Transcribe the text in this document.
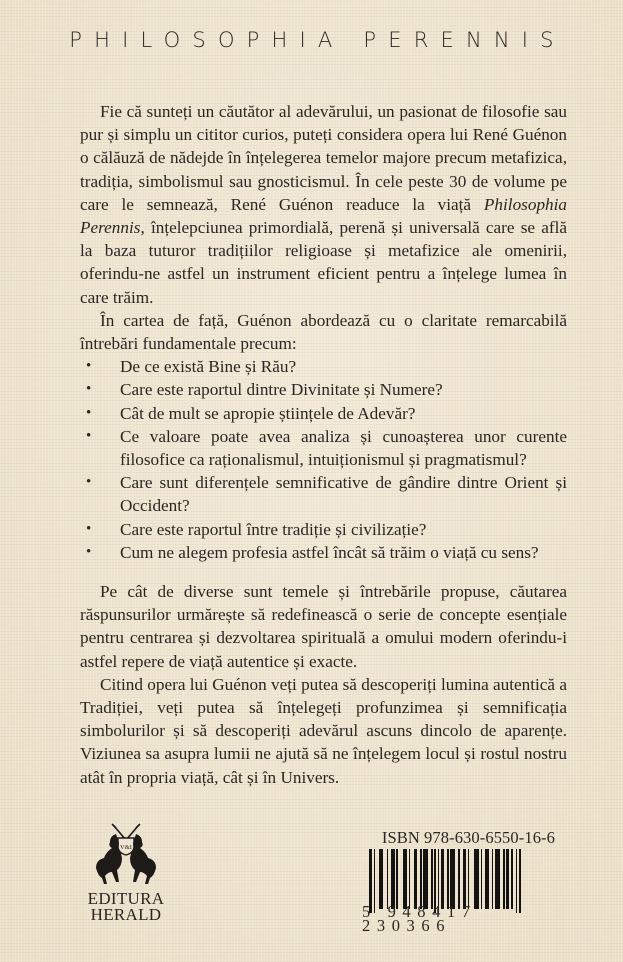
PHILOSOPHIA PERENNIS

Fie că sunteți un căutător al adevărului, un pasionat de filosofie sau pur și simplu un cititor curios, puteți considera opera lui René Guénon o călăuză de nădejde în înțelegerea temelor majore precum metafizica, tradiția, simbolismul sau gnosticismul. În cele peste 30 de volume pe care le semnează, René Guénon readuce la viață Philosophia Perennis, înțelepciunea primordială, perenă și universală care se află la baza tuturor tradițiilor religioase și metafizice ale omenirii, oferindu-ne astfel un instrument eficient pentru a înțelege lumea în care trăim.

În cartea de față, Guénon abordează cu o claritate remarcabilă întrebări fundamentale precum:

• De ce există Bine și Rău?
• Care este raportul dintre Divinitate și Numere?
• Cât de mult se apropie științele de Adevăr?
• Ce valoare poate avea analiza și cunoașterea unor curente filosofice ca raționalismul, intuiționismul și pragmatismul?
• Care sunt diferențele semnificative de gândire dintre Orient și Occident?
• Care este raportul între tradiție și civilizație?
• Cum ne alegem profesia astfel încât să trăim o viață cu sens?

Pe cât de diverse sunt temele și întrebările propuse, căutarea răspunsurilor urmărește să redefinească o serie de concepte esențiale pentru centrarea și dezvoltarea spirituală a omului modern oferindu-i astfel repere de viață autentice și exacte.

Citind opera lui Guénon veți putea să descoperiți lumina autentică a Tradiției, veți putea să înțelegeți profunzimea și semnificația simbolurilor și să descoperiți adevărul ascuns dincolo de aparențe. Viziunea sa asupra lumii ne ajută să ne înțelegem locul și rostul nostru atât în propria viață, cât și în Univers.

V&I
EDITURA
HERALD
ISBN 978-630-6550-16-6
5 948417 230366
